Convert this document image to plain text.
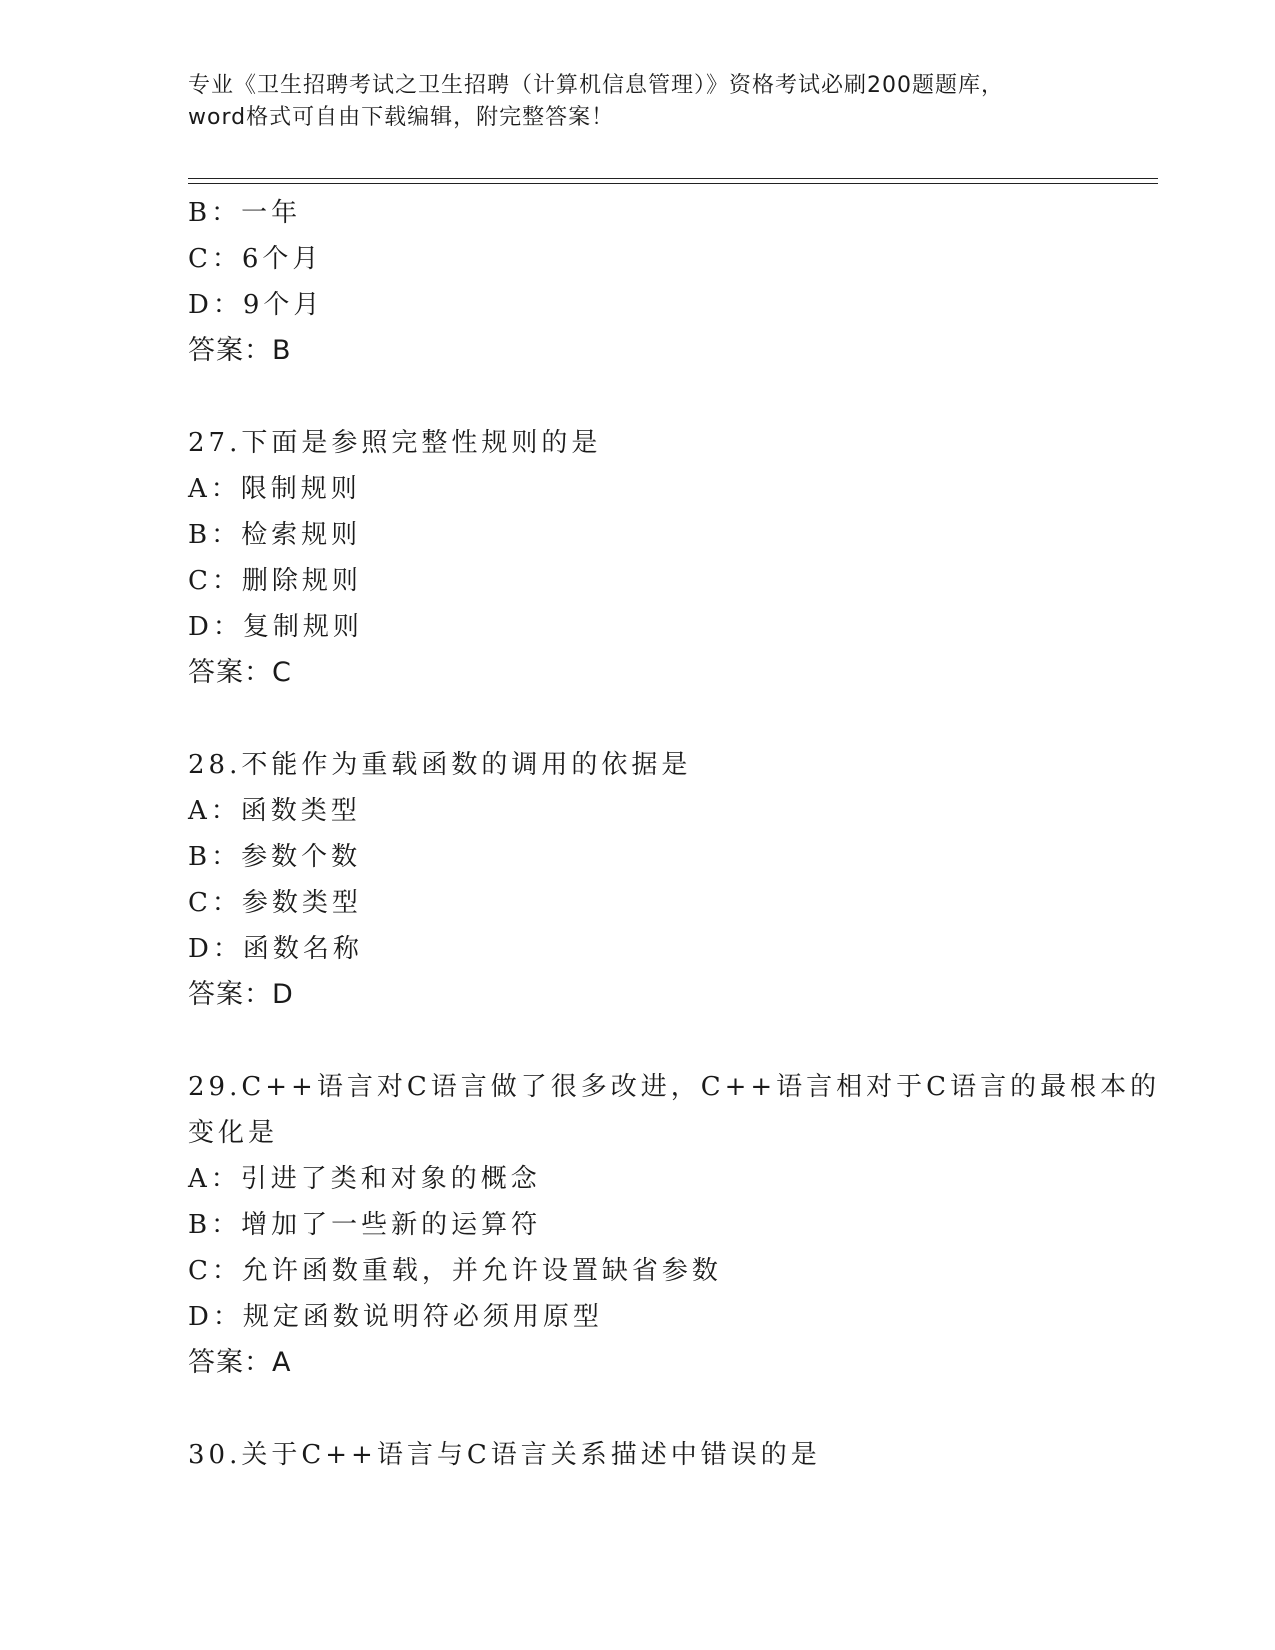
专业《卫生招聘考试之卫生招聘（计算机信息管理）》资格考试必刷200题题库，
word格式可自由下载编辑，附完整答案！
B：一年
C：6个月
D：9个月
答案：B
27.下面是参照完整性规则的是
A：限制规则
B：检索规则
C：删除规则
D：复制规则
答案：C
28.不能作为重载函数的调用的依据是
A：函数类型
B：参数个数
C：参数类型
D：函数名称
答案：D
29.C++语言对C语言做了很多改进，C++语言相对于C语言的最根本的
变化是
A：引进了类和对象的概念
B：增加了一些新的运算符
C：允许函数重载，并允许设置缺省参数
D：规定函数说明符必须用原型
答案：A
30.关于C++语言与C语言关系描述中错误的是
